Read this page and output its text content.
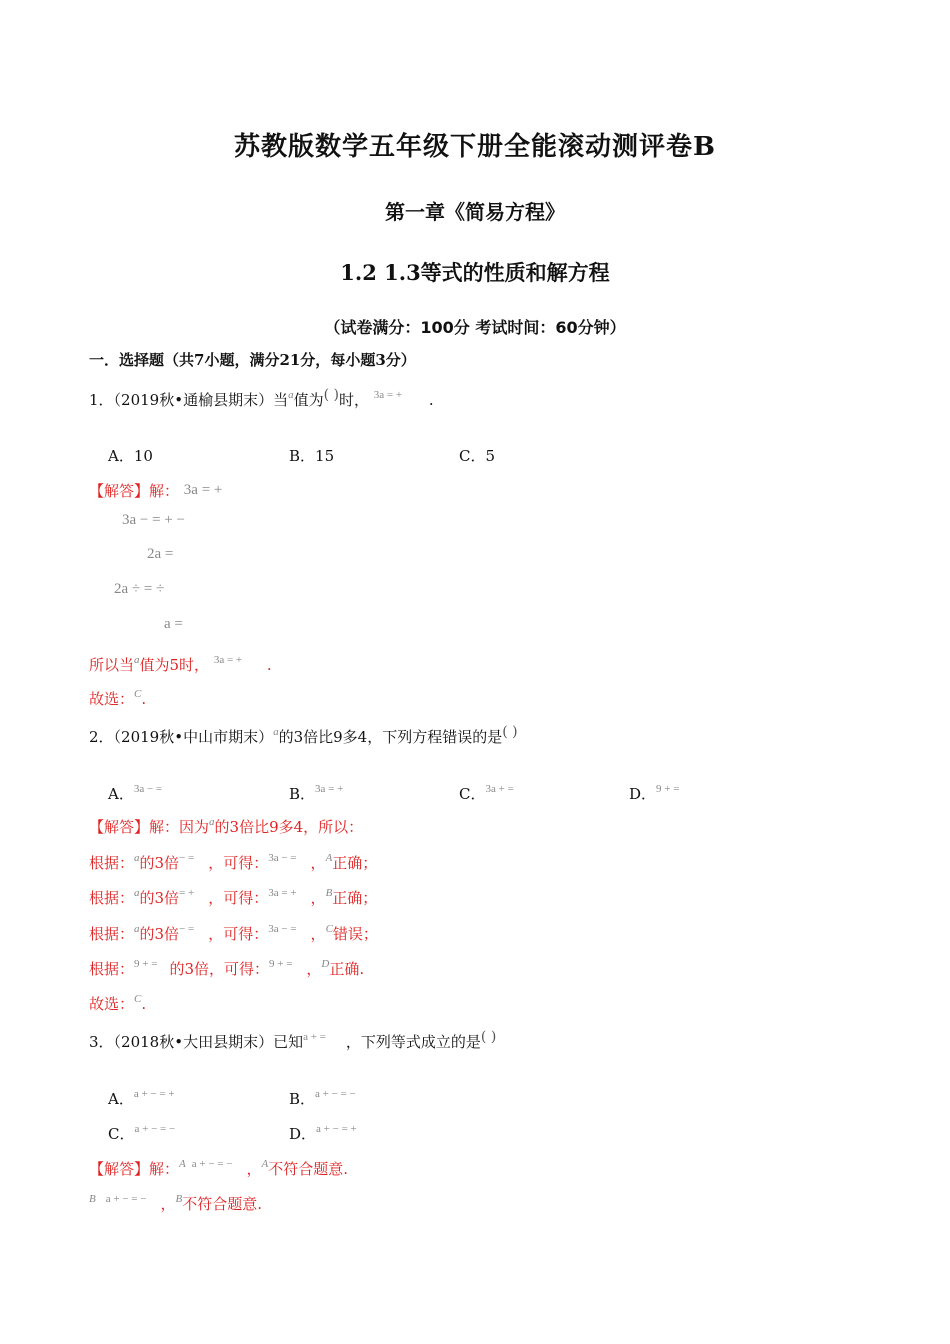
苏教版数学五年级下册全能滚动测评卷B
第一章《简易方程》
1.2 1.3等式的性质和解方程
（试卷满分：100分 考试时间：60分钟）
一．选择题（共7小题，满分21分，每小题3分）
1．（2019秋•通榆县期末）当$^a$值为( )时， $^{3a = +}$ .
A．10	B．15	C．5
【解答】解： 3a = +
3a − = + −
2a =
2a ÷ = ÷
a =
所以当$^a$值为5时， $^{3a = +}$ .
故选：$^C$.
2．（2019秋•中山市期末）$^a$的3倍比9多4，下列方程错误的是( )
A．$^{3a - =}$	B．$^{3a = +}$	C．$^{3a + =}$	D．$^{9 + =}$
【解答】解：因为$^a$的3倍比9多4，所以：
根据：$^a$的3倍− = ，可得：$^{3a - =}$ ，$^A$正确；
根据：$^a$的3倍= + ，可得：$^{3a = +}$ ，$^B$正确；
根据：$^a$的3倍− = ，可得：$^{3a - =}$ ，$^C$错误；
根据：$^{9 + =}$ 的3倍，可得：$^{9 + =}$ ，$^D$正确.
故选：$^C$.
3．（2018秋•大田县期末）已知$^{a + =}$ ，下列等式成立的是( )
A．$^{a + - = +}$	B．$^{a + - = -}$
C．$^{a + - = -}$	D．$^{a + - = +}$
【解答】解：$^A$ $^{a + - = -}$ ，$^A$不符合题意.
$^B$ $^{a + - = -}$ ，$^B$不符合题意.
